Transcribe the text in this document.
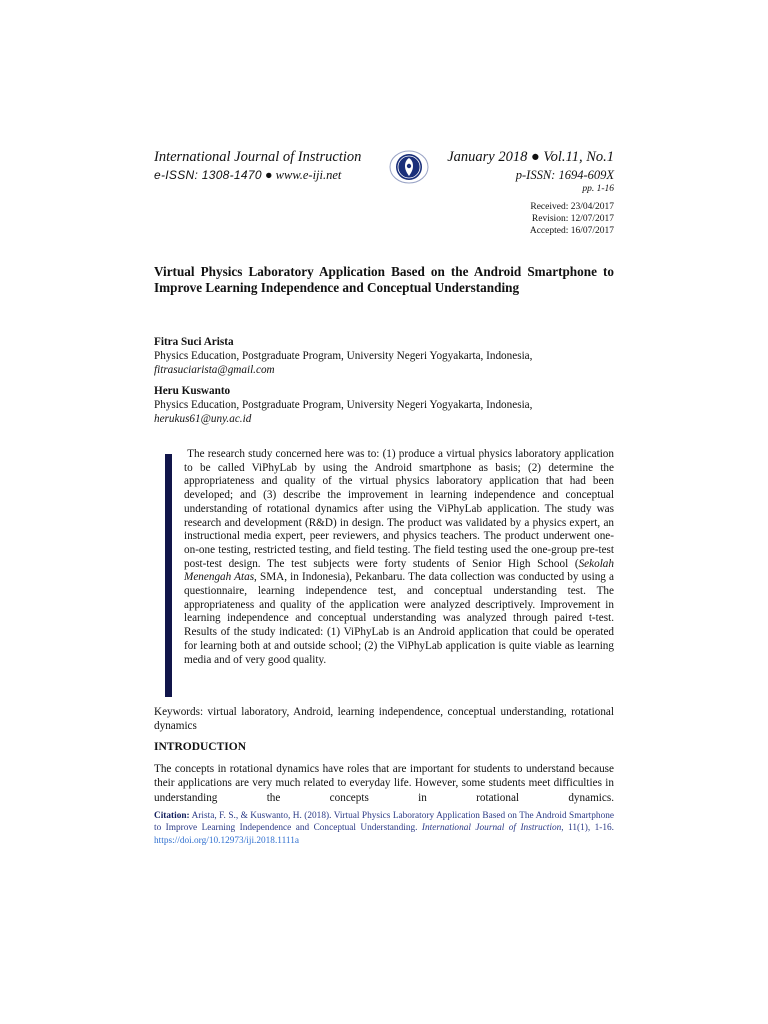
International Journal of Instruction
e-ISSN: 1308-1470 ● www.e-iji.net
January 2018 ● Vol.11, No.1
p-ISSN: 1694-609X
pp. 1-16
Received: 23/04/2017
Revision: 12/07/2017
Accepted: 16/07/2017
Virtual Physics Laboratory Application Based on the Android Smartphone to Improve Learning Independence and Conceptual Understanding
Fitra Suci Arista
Physics Education, Postgraduate Program, University Negeri Yogyakarta, Indonesia,
fitrasuciarista@gmail.com
Heru Kuswanto
Physics Education, Postgraduate Program, University Negeri Yogyakarta, Indonesia,
herukus61@uny.ac.id
The research study concerned here was to: (1) produce a virtual physics laboratory application to be called ViPhyLab by using the Android smartphone as basis; (2) determine the appropriateness and quality of the virtual physics laboratory application that had been developed; and (3) describe the improvement in learning independence and conceptual understanding of rotational dynamics after using the ViPhyLab application. The study was research and development (R&D) in design. The product was validated by a physics expert, an instructional media expert, peer reviewers, and physics teachers. The product underwent one-on-one testing, restricted testing, and field testing. The field testing used the one-group pre-test post-test design. The test subjects were forty students of Senior High School (Sekolah Menengah Atas, SMA, in Indonesia), Pekanbaru. The data collection was conducted by using a questionnaire, learning independence test, and conceptual understanding test. The appropriateness and quality of the application were analyzed descriptively. Improvement in learning independence and conceptual understanding was analyzed through paired t-test. Results of the study indicated: (1) ViPhyLab is an Android application that could be operated for learning both at and outside school; (2) the ViPhyLab application is quite viable as learning media and of very good quality.
Keywords: virtual laboratory, Android, learning independence, conceptual understanding, rotational dynamics
INTRODUCTION
The concepts in rotational dynamics have roles that are important for students to understand because their applications are very much related to everyday life. However, some students meet difficulties in understanding the concepts in rotational dynamics.
Citation: Arista, F. S., & Kuswanto, H. (2018). Virtual Physics Laboratory Application Based on The Android Smartphone to Improve Learning Independence and Conceptual Understanding. International Journal of Instruction, 11(1), 1-16. https://doi.org/10.12973/iji.2018.1111a
